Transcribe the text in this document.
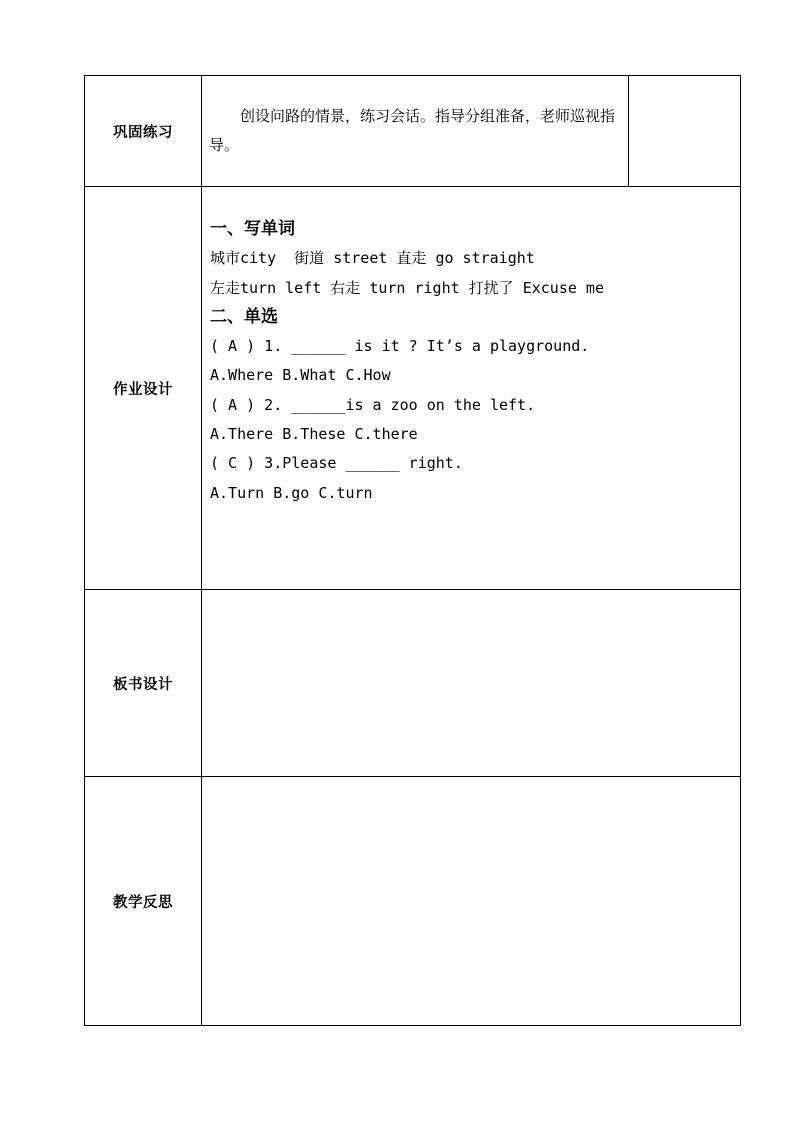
巩固练习
创设问路的情景，练习会话。指导分组准备，老师巡视指导。
作业设计
一、写单词
城市city  街道 street 直走 go straight
左走turn left 右走 turn right 打扰了 Excuse me
二、单选
( A ) 1. ______ is it ? It’s a playground.
A.Where B.What C.How
( A ) 2. ______is a zoo on the left.
A.There B.These C.there
( C ) 3.Please ______ right.
A.Turn B.go C.turn
板书设计
教学反思
